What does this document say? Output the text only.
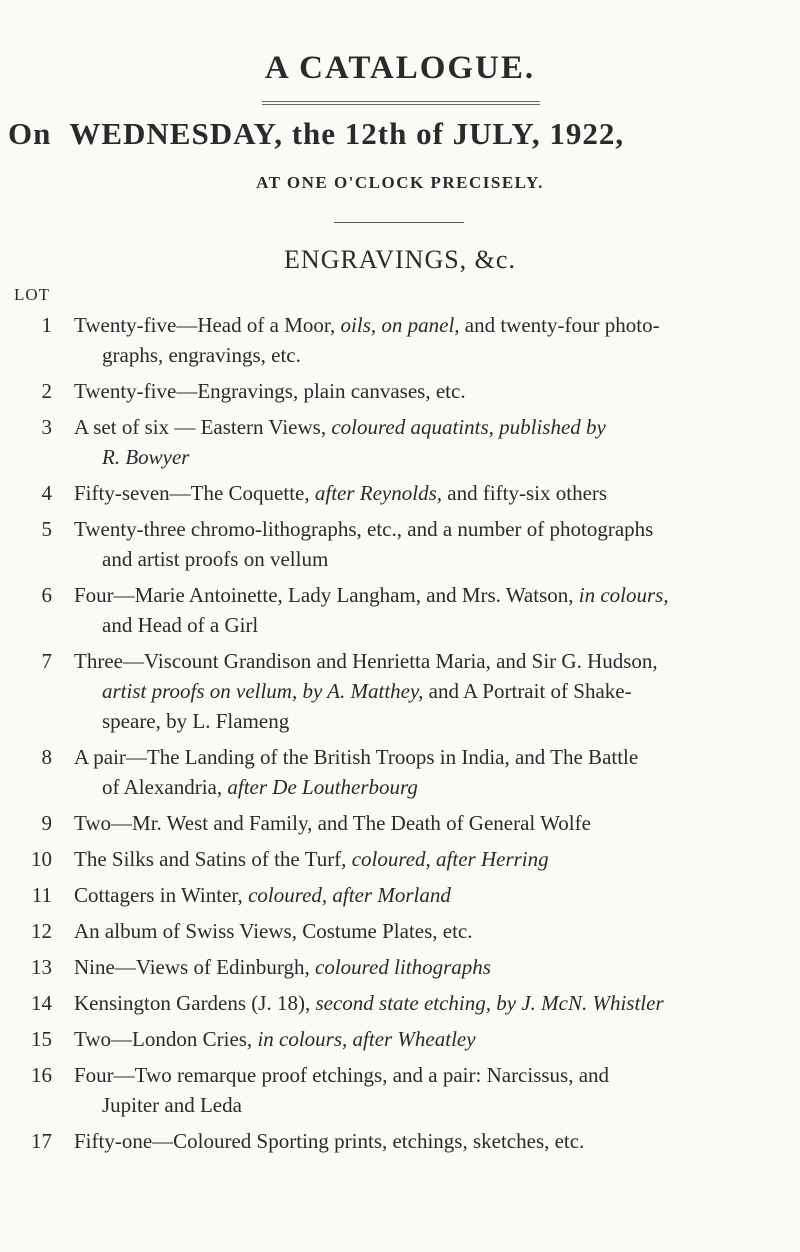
A CATALOGUE.
On WEDNESDAY, the 12th of JULY, 1922,
AT ONE O'CLOCK PRECISELY.
ENGRAVINGS, &c.
LOT
1	Twenty-five—Head of a Moor, oils, on panel, and twenty-four photo-
graphs, engravings, etc.
2	Twenty-five—Engravings, plain canvases, etc.
3	A set of six — Eastern Views, coloured aquatints, published by
R. Bowyer
4	Fifty-seven—The Coquette, after Reynolds, and fifty-six others
5	Twenty-three chromo-lithographs, etc., and a number of photographs
and artist proofs on vellum
6	Four—Marie Antoinette, Lady Langham, and Mrs. Watson, in colours,
and Head of a Girl
7	Three—Viscount Grandison and Henrietta Maria, and Sir G. Hudson,
artist proofs on vellum, by A. Matthey, and A Portrait of Shake-
speare, by L. Flameng
8	A pair—The Landing of the British Troops in India, and The Battle
of Alexandria, after De Loutherbourg
9	Two—Mr. West and Family, and The Death of General Wolfe
10	The Silks and Satins of the Turf, coloured, after Herring
11	Cottagers in Winter, coloured, after Morland
12	An album of Swiss Views, Costume Plates, etc.
13	Nine—Views of Edinburgh, coloured lithographs
14	Kensington Gardens (J. 18), second state etching, by J. McN. Whistler
15	Two—London Cries, in colours, after Wheatley
16	Four—Two remarque proof etchings, and a pair: Narcissus, and
Jupiter and Leda
17	Fifty-one—Coloured Sporting prints, etchings, sketches, etc.
